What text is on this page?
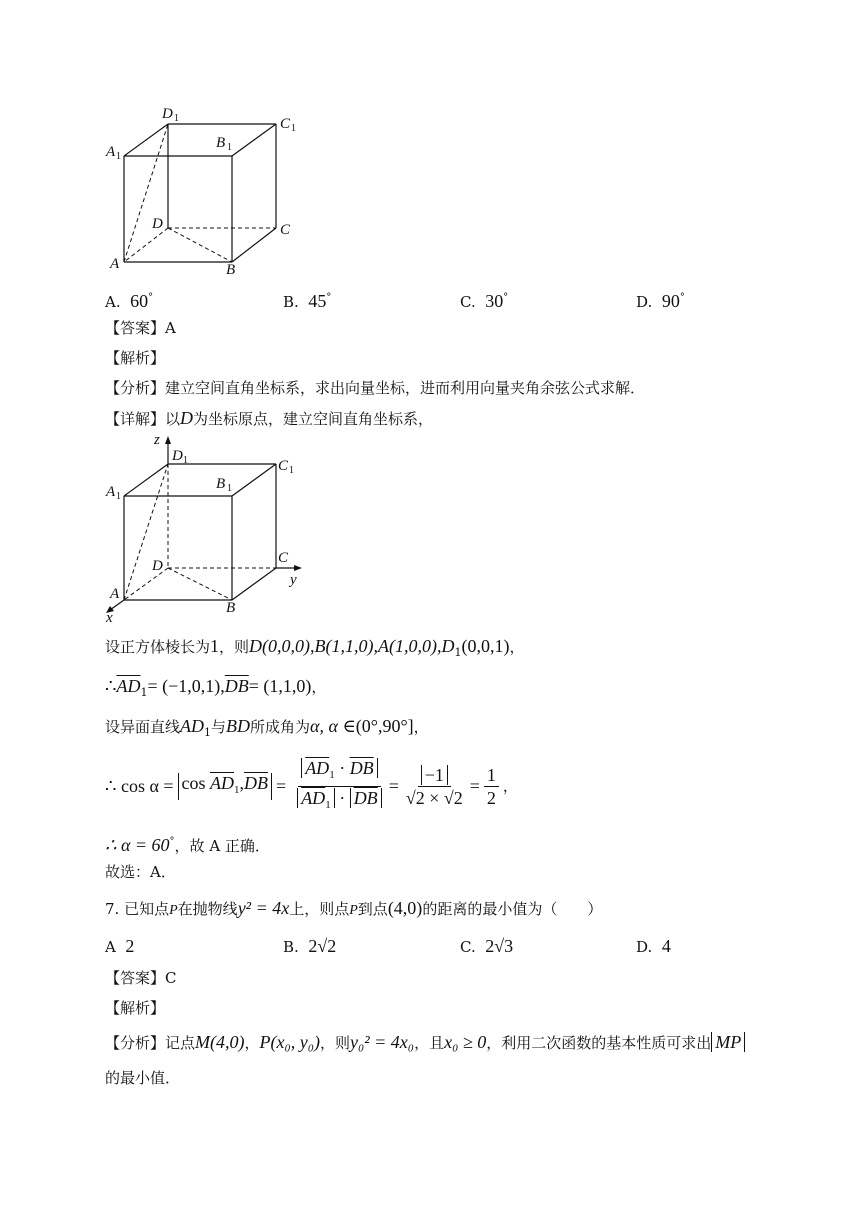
D 1	C 1
A 1
B 1
D	C
A	B
A. 60°	B. 45°	C. 30°	D. 90°
【答案】A
【解析】
【分析】建立空间直角坐标系，求出向量坐标，进而利用向量夹角余弦公式求解．
【详解】以D为坐标原点，建立空间直角坐标系，
z
y
x
D 1	C 1
A 1
B 1
D	C
A
B
设正方体棱长为1，则$D(0,0,0),B(1,1,0),A(1,0,0),D_1(0,0,1)$，
$\therefore\overline{AD}_1= (-1,0,1),\overline{DB}= (1,1,0)$，
设异面直线$AD_1$与BD所成角为α, α ∈(0°,90°]，
∴ $\cos \alpha = \cos \overline{AD}_1,\overline{DB} = \frac{\overline{AD}_1 \cdot \overline{DB}}{\overline{AD}_1 \cdot \overline{DB}} = \frac{-1}{√2 \times √2} = \frac{1}{2}$ ，
∴ α = 60°，故 A 正确．
故选：A．
7. 已知点P在抛物线y² = 4x上，则点P到点(4,0)的距离的最小值为（　　）
A 2	B. 2√2	C. 2√3	D. 4
【答案】C
【解析】
【分析】记点M(4,0)，P(x₀, y₀)，则y₀² = 4x₀，且x₀ ≥ 0，利用二次函数的基本性质可求出 MP
的最小值．
